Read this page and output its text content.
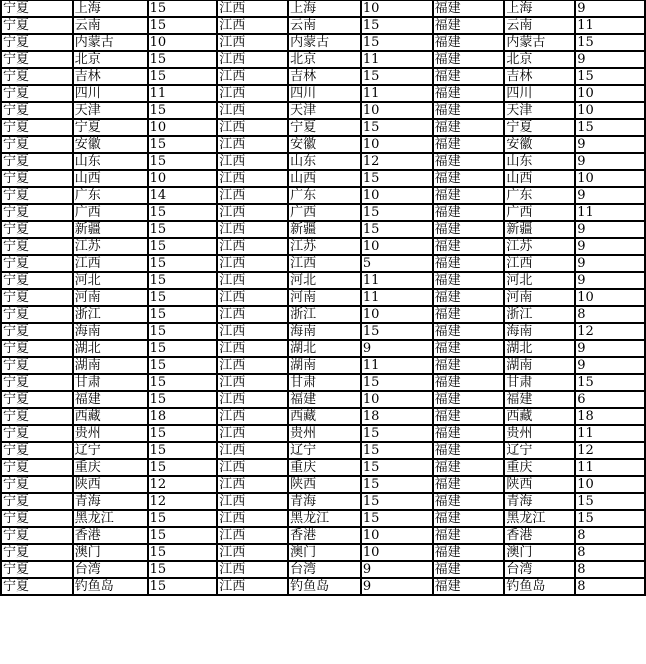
宁夏	上海	15	江西	上海	10	福建	上海	9
宁夏	云南	15	江西	云南	15	福建	云南	11
宁夏	内蒙古	10	江西	内蒙古	15	福建	内蒙古	15
宁夏	北京	15	江西	北京	11	福建	北京	9
宁夏	吉林	15	江西	吉林	15	福建	吉林	15
宁夏	四川	11	江西	四川	11	福建	四川	10
宁夏	天津	15	江西	天津	10	福建	天津	10
宁夏	宁夏	10	江西	宁夏	15	福建	宁夏	15
宁夏	安徽	15	江西	安徽	10	福建	安徽	9
宁夏	山东	15	江西	山东	12	福建	山东	9
宁夏	山西	10	江西	山西	15	福建	山西	10
宁夏	广东	14	江西	广东	10	福建	广东	9
宁夏	广西	15	江西	广西	15	福建	广西	11
宁夏	新疆	15	江西	新疆	15	福建	新疆	9
宁夏	江苏	15	江西	江苏	10	福建	江苏	9
宁夏	江西	15	江西	江西	5	福建	江西	9
宁夏	河北	15	江西	河北	11	福建	河北	9
宁夏	河南	15	江西	河南	11	福建	河南	10
宁夏	浙江	15	江西	浙江	10	福建	浙江	8
宁夏	海南	15	江西	海南	15	福建	海南	12
宁夏	湖北	15	江西	湖北	9	福建	湖北	9
宁夏	湖南	15	江西	湖南	11	福建	湖南	9
宁夏	甘肃	15	江西	甘肃	15	福建	甘肃	15
宁夏	福建	15	江西	福建	10	福建	福建	6
宁夏	西藏	18	江西	西藏	18	福建	西藏	18
宁夏	贵州	15	江西	贵州	15	福建	贵州	11
宁夏	辽宁	15	江西	辽宁	15	福建	辽宁	12
宁夏	重庆	15	江西	重庆	15	福建	重庆	11
宁夏	陕西	12	江西	陕西	15	福建	陕西	10
宁夏	青海	12	江西	青海	15	福建	青海	15
宁夏	黑龙江	15	江西	黑龙江	15	福建	黑龙江	15
宁夏	香港	15	江西	香港	10	福建	香港	8
宁夏	澳门	15	江西	澳门	10	福建	澳门	8
宁夏	台湾	15	江西	台湾	9	福建	台湾	8
宁夏	钓鱼岛	15	江西	钓鱼岛	9	福建	钓鱼岛	8
